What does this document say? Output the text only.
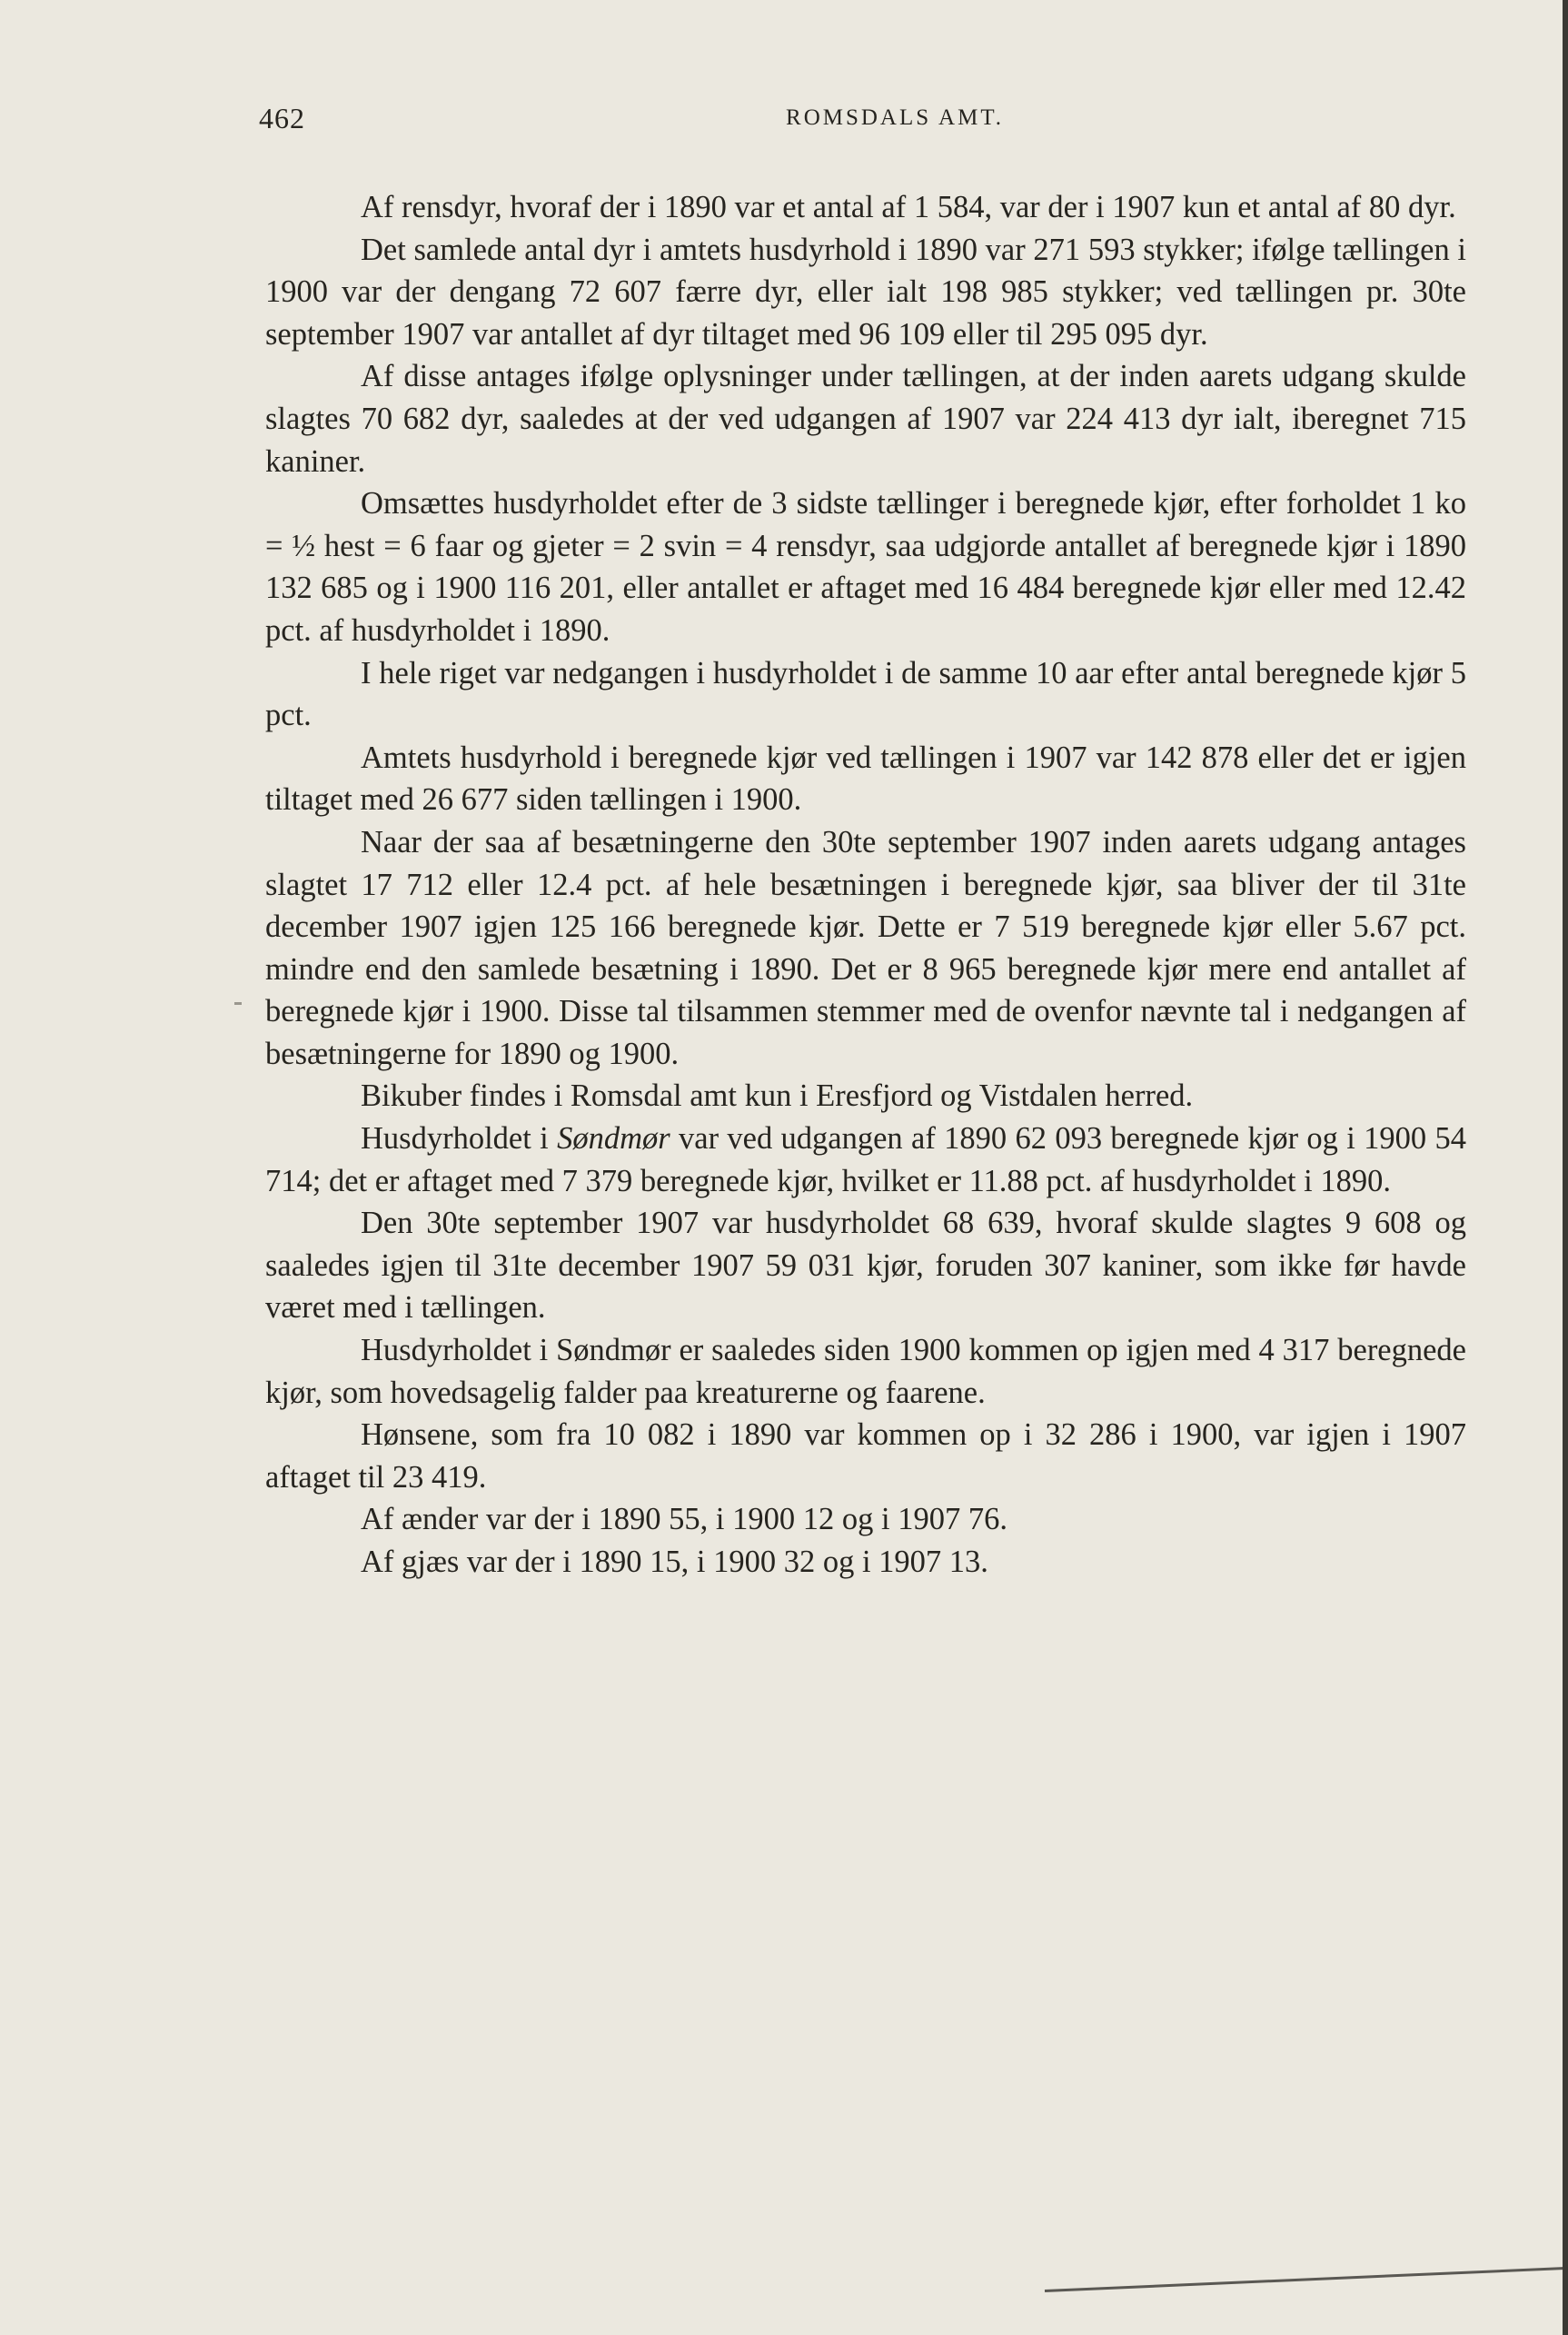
462	ROMSDALS AMT.

Af rensdyr, hvoraf der i 1890 var et antal af 1 584, var der i 1907 kun et antal af 80 dyr.

Det samlede antal dyr i amtets husdyrhold i 1890 var 271 593 stykker; ifølge tællingen i 1900 var der dengang 72 607 færre dyr, eller ialt 198 985 stykker; ved tællingen pr. 30te september 1907 var antallet af dyr tiltaget med 96 109 eller til 295 095 dyr.

Af disse antages ifølge oplysninger under tællingen, at der inden aarets udgang skulde slagtes 70 682 dyr, saaledes at der ved udgangen af 1907 var 224 413 dyr ialt, iberegnet 715 kaniner.

Omsættes husdyrholdet efter de 3 sidste tællinger i beregnede kjør, efter forholdet 1 ko = ½ hest = 6 faar og gjeter = 2 svin = 4 rensdyr, saa udgjorde antallet af beregnede kjør i 1890 132 685 og i 1900 116 201, eller antallet er aftaget med 16 484 beregnede kjør eller med 12.42 pct. af husdyrholdet i 1890.

I hele riget var nedgangen i husdyrholdet i de samme 10 aar efter antal beregnede kjør 5 pct.

Amtets husdyrhold i beregnede kjør ved tællingen i 1907 var 142 878 eller det er igjen tiltaget med 26 677 siden tællingen i 1900.

Naar der saa af besætningerne den 30te september 1907 inden aarets udgang antages slagtet 17 712 eller 12.4 pct. af hele besætningen i beregnede kjør, saa bliver der til 31te december 1907 igjen 125 166 beregnede kjør. Dette er 7 519 beregnede kjør eller 5.67 pct. mindre end den samlede besætning i 1890. Det er 8 965 beregnede kjør mere end antallet af beregnede kjør i 1900. Disse tal tilsammen stemmer med de ovenfor nævnte tal i nedgangen af besætningerne for 1890 og 1900.

Bikuber findes i Romsdal amt kun i Eresfjord og Vistdalen herred.

Husdyrholdet i Søndmør var ved udgangen af 1890 62 093 beregnede kjør og i 1900 54 714; det er aftaget med 7 379 beregnede kjør, hvilket er 11.88 pct. af husdyrholdet i 1890.

Den 30te september 1907 var husdyrholdet 68 639, hvoraf skulde slagtes 9 608 og saaledes igjen til 31te december 1907 59 031 kjør, foruden 307 kaniner, som ikke før havde været med i tællingen.

Husdyrholdet i Søndmør er saaledes siden 1900 kommen op igjen med 4 317 beregnede kjør, som hovedsagelig falder paa kreaturerne og faarene.

Hønsene, som fra 10 082 i 1890 var kommen op i 32 286 i 1900, var igjen i 1907 aftaget til 23 419.

Af ænder var der i 1890 55, i 1900 12 og i 1907 76.

Af gjæs var der i 1890 15, i 1900 32 og i 1907 13.
